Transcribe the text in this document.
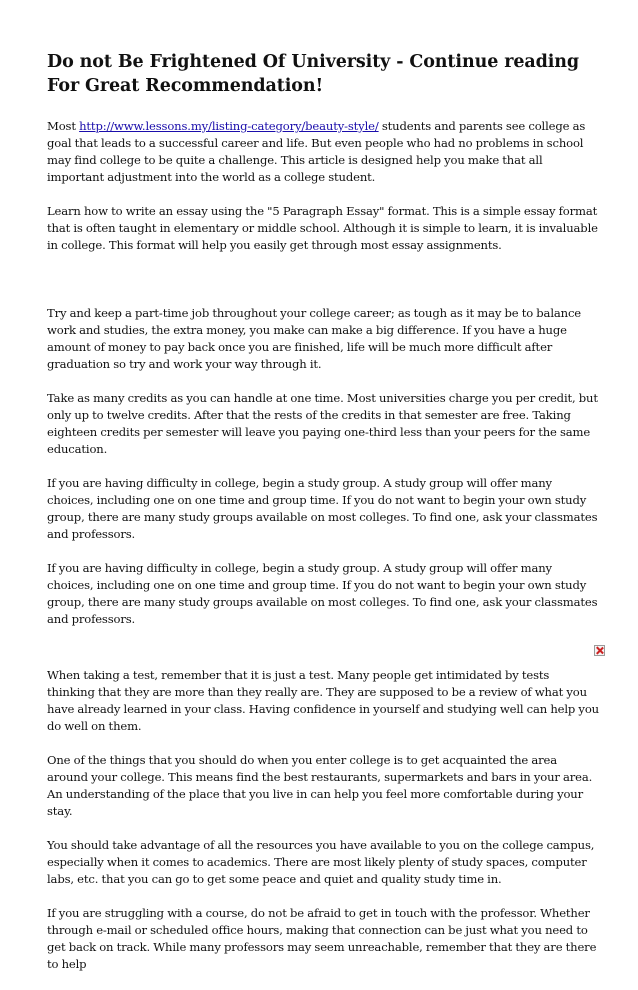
Do not Be Frightened Of University - Continue reading For Great Recommendation!

Most http://www.lessons.my/listing-category/beauty-style/ students and parents see college as goal that leads to a successful career and life. But even people who had no problems in school may find college to be quite a challenge. This article is designed help you make that all important adjustment into the world as a college student.

Learn how to write an essay using the "5 Paragraph Essay" format. This is a simple essay format that is often taught in elementary or middle school. Although it is simple to learn, it is invaluable in college. This format will help you easily get through most essay assignments.

Try and keep a part-time job throughout your college career; as tough as it may be to balance work and studies, the extra money, you make can make a big difference. If you have a huge amount of money to pay back once you are finished, life will be much more difficult after graduation so try and work your way through it.

Take as many credits as you can handle at one time. Most universities charge you per credit, but only up to twelve credits. After that the rests of the credits in that semester are free. Taking eighteen credits per semester will leave you paying one-third less than your peers for the same education.

If you are having difficulty in college, begin a study group. A study group will offer many choices, including one on one time and group time. If you do not want to begin your own study group, there are many study groups available on most colleges. To find one, ask your classmates and professors.

If you are having difficulty in college, begin a study group. A study group will offer many choices, including one on one time and group time. If you do not want to begin your own study group, there are many study groups available on most colleges. To find one, ask your classmates and professors.

When taking a test, remember that it is just a test. Many people get intimidated by tests thinking that they are more than they really are. They are supposed to be a review of what you have already learned in your class. Having confidence in yourself and studying well can help you do well on them.

One of the things that you should do when you enter college is to get acquainted the area around your college. This means find the best restaurants, supermarkets and bars in your area. An understanding of the place that you live in can help you feel more comfortable during your stay.

You should take advantage of all the resources you have available to you on the college campus, especially when it comes to academics. There are most likely plenty of study spaces, computer labs, etc. that you can go to get some peace and quiet and quality study time in.

If you are struggling with a course, do not be afraid to get in touch with the professor. Whether through e-mail or scheduled office hours, making that connection can be just what you need to get back on track. While many professors may seem unreachable, remember that they are there to help
